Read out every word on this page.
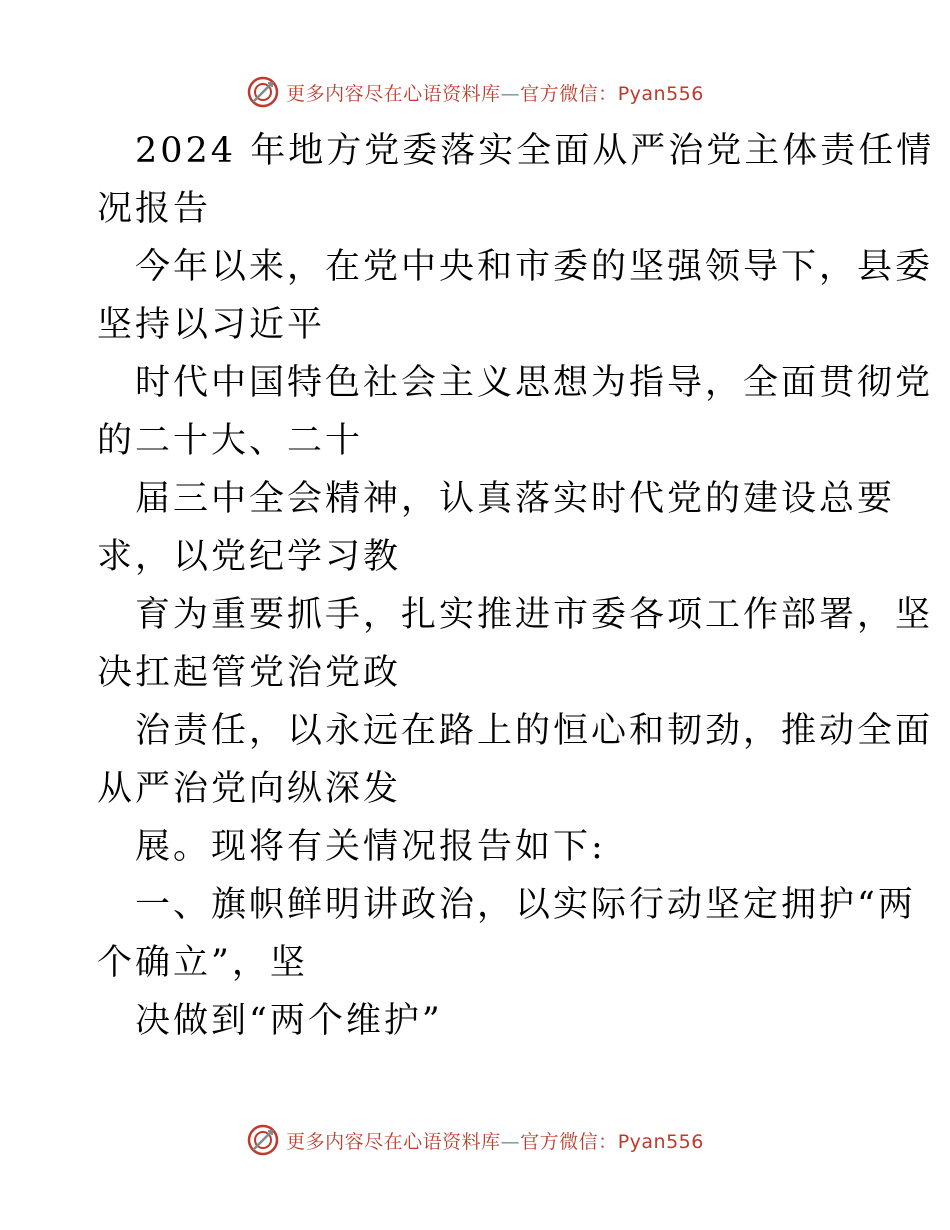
更多内容尽在心语资料库—官方微信：Pyan556
2024 年地方党委落实全面从严治党主体责任情
况报告
今年以来，在党中央和市委的坚强领导下，县委
坚持以习近平
时代中国特色社会主义思想为指导，全面贯彻党
的二十大、二十
届三中全会精神，认真落实时代党的建设总要
求，以党纪学习教
育为重要抓手，扎实推进市委各项工作部署，坚
决扛起管党治党政
治责任，以永远在路上的恒心和韧劲，推动全面
从严治党向纵深发
展。现将有关情况报告如下:
一、旗帜鲜明讲政治，以实际行动坚定拥护“两
个确立”，坚
决做到“两个维护”
更多内容尽在心语资料库—官方微信：Pyan556
